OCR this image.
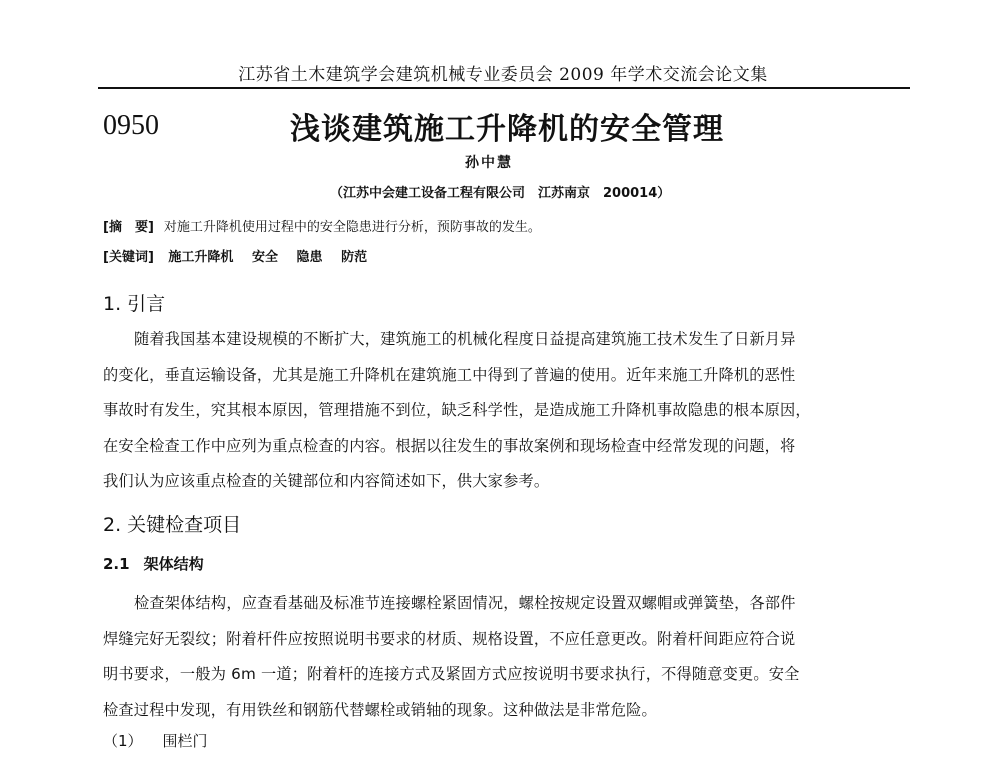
江苏省土木建筑学会建筑机械专业委员会 2009 年学术交流会论文集
0950	浅谈建筑施工升降机的安全管理
孙中慧
（江苏中会建工设备工程有限公司　江苏南京　200014）
[摘　要] 对施工升降机使用过程中的安全隐患进行分析，预防事故的发生。
[关键词] 施工升降机 安全 隐患 防范
1. 引言
随着我国基本建设规模的不断扩大，建筑施工的机械化程度日益提高建筑施工技术发生了日新月异
的变化，垂直运输设备，尤其是施工升降机在建筑施工中得到了普遍的使用。近年来施工升降机的恶性
事故时有发生，究其根本原因，管理措施不到位，缺乏科学性，是造成施工升降机事故隐患的根本原因，
在安全检查工作中应列为重点检查的内容。根据以往发生的事故案例和现场检查中经常发现的问题，将
我们认为应该重点检查的关键部位和内容简述如下，供大家参考。
2. 关键检查项目
2.1 架体结构
检查架体结构，应查看基础及标准节连接螺栓紧固情况，螺栓按规定设置双螺帽或弹簧垫，各部件
焊缝完好无裂纹；附着杆件应按照说明书要求的材质、规格设置，不应任意更改。附着杆间距应符合说
明书要求，一般为 6m 一道；附着杆的连接方式及紧固方式应按说明书要求执行，不得随意变更。安全
检查过程中发现，有用铁丝和钢筋代替螺栓或销轴的现象。这种做法是非常危险。
（1） 围栏门
